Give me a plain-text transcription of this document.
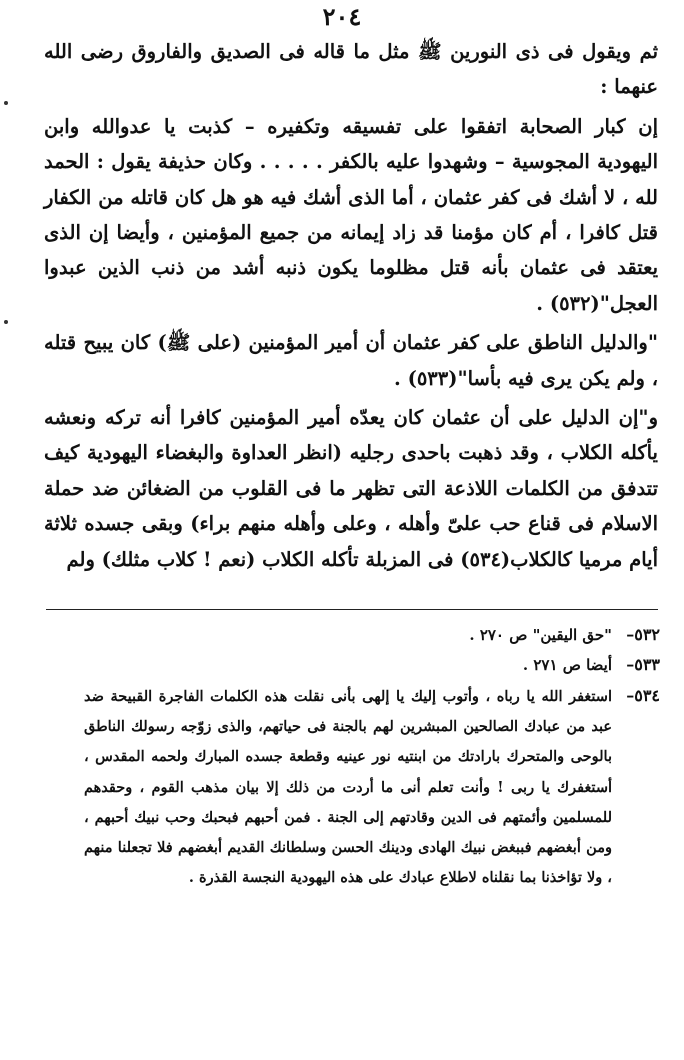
٢٠٤

ثم ويقول فى ذى النورين ﷺ مثل ما قاله فى الصديق والفاروق رضى الله عنهما :

إن كبار الصحابة اتفقوا على تفسيقه وتكفيره – كذبت يا عدوالله وابن اليهودية المجوسية – وشهدوا عليه بالكفر . . . . . وكان حذيفة يقول : الحمد لله ، لا أشك فى كفر عثمان ، أما الذى أشك فيه هو هل كان قاتله من الكفار قتل كافرا ، أم كان مؤمنا قد زاد إيمانه من جميع المؤمنين ، وأيضا إن الذى يعتقد فى عثمان بأنه قتل مظلوما يكون ذنبه أشد من ذنب الذين عبدوا العجل"(٥٣٢) .

"والدليل الناطق على كفر عثمان أن أمير المؤمنين (على ﷺ) كان يبيح قتله ، ولم يكن يرى فيه بأسا"(٥٣٣) .

و"إن الدليل على أن عثمان كان يعدّه أمير المؤمنين كافرا أنه تركه ونعشه يأكله الكلاب ، وقد ذهبت باحدى رجليه (انظر العداوة والبغضاء اليهودية كيف تتدفق من الكلمات اللاذعة التى تظهر ما فى القلوب من الضغائن ضد حملة الاسلام فى قناع حب علىّ وأهله ، وعلى وأهله منهم براء) وبقى جسده ثلاثة أيام مرميا كالكلاب(٥٣٤) فى المزبلة تأكله الكلاب (نعم ! كلاب مثلك) ولم

٥٣٢–
"حق اليقين" ص ٢٧٠ .
٥٣٣–
أيضا ص ٢٧١ .
٥٣٤–
استغفر الله يا رباه ، وأتوب إليك يا إلهى بأنى نقلت هذه الكلمات الفاجرة القبيحة ضد عبد من عبادك الصالحين المبشرين لهم بالجنة فى حياتهم، والذى زوّجه رسولك الناطق بالوحى والمتحرك بارادتك من ابنتيه نور عينيه وقطعة جسده المبارك ولحمه المقدس ، أستغفرك يا ربى ! وأنت تعلم أنى ما أردت من ذلك إلا بيان مذهب القوم ، وحقدهم للمسلمين وأئمتهم فى الدين وقادتهم إلى الجنة . فمن أحبهم فبحبك وحب نبيك أحبهم ، ومن أبغضهم فببغض نبيك الهادى ودينك الحسن وسلطانك القديم أبغضهم فلا تجعلنا منهم ، ولا تؤاخذنا بما نقلناه لاطلاع عبادك على هذه اليهودية النجسة القذرة .
